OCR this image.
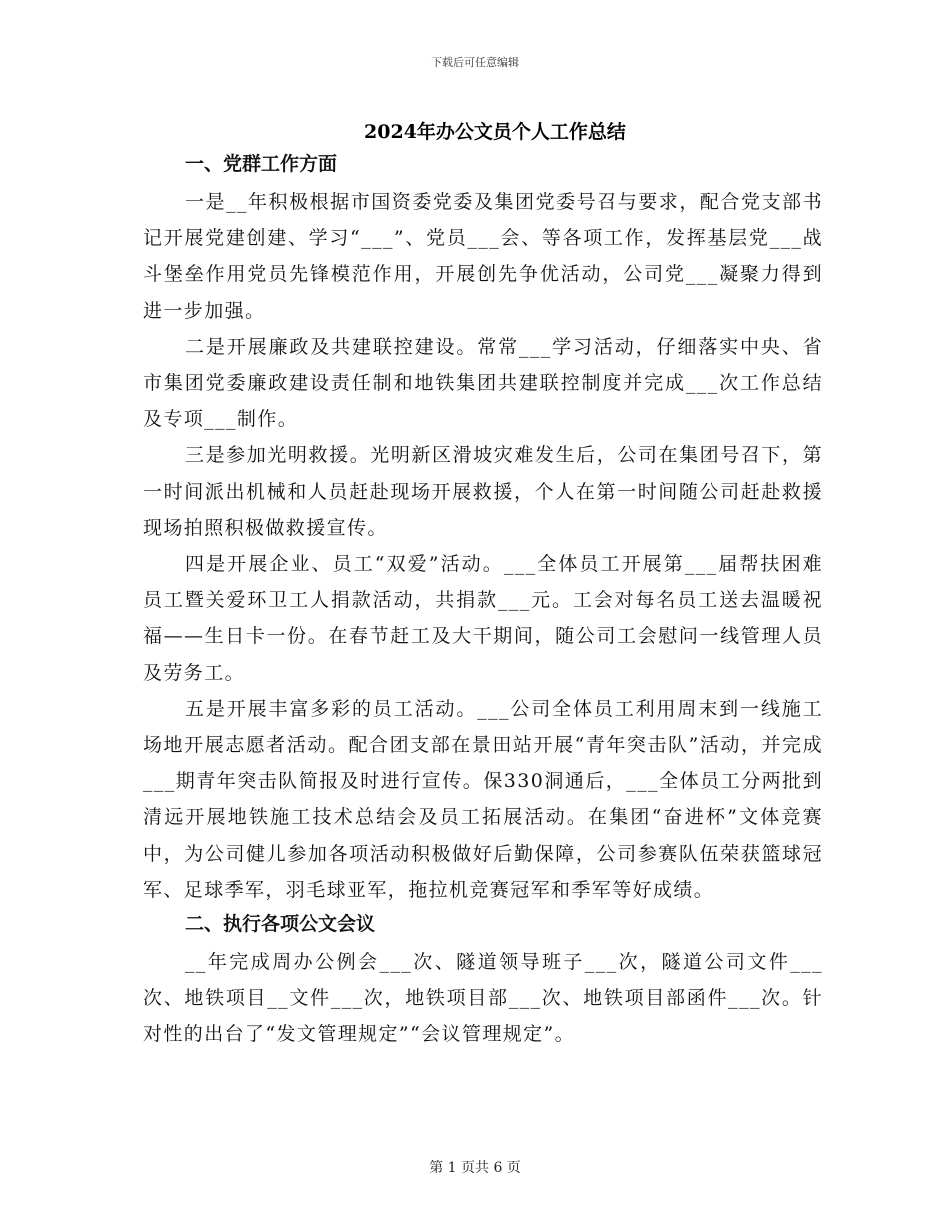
下载后可任意编辑
2024年办公文员个人工作总结
一、党群工作方面

一是__年积极根据市国资委党委及集团党委号召与要求，配合党支部书记开展党建创建、学习“___”、党员___会、等各项工作，发挥基层党___战斗堡垒作用党员先锋模范作用，开展创先争优活动，公司党___凝聚力得到进一步加强。

二是开展廉政及共建联控建设。常常___学习活动，仔细落实中央、省市集团党委廉政建设责任制和地铁集团共建联控制度并完成___次工作总结及专项___制作。

三是参加光明救援。光明新区滑坡灾难发生后，公司在集团号召下，第一时间派出机械和人员赶赴现场开展救援，个人在第一时间随公司赶赴救援现场拍照积极做救援宣传。

四是开展企业、员工“双爱”活动。___全体员工开展第___届帮扶困难员工暨关爱环卫工人捐款活动，共捐款___元。工会对每名员工送去温暖祝福——生日卡一份。在春节赶工及大干期间，随公司工会慰问一线管理人员及劳务工。

五是开展丰富多彩的员工活动。___公司全体员工利用周末到一线施工场地开展志愿者活动。配合团支部在景田站开展“青年突击队”活动，并完成___期青年突击队简报及时进行宣传。保330洞通后，___全体员工分两批到清远开展地铁施工技术总结会及员工拓展活动。在集团“奋进杯”文体竞赛中，为公司健儿参加各项活动积极做好后勤保障，公司参赛队伍荣获篮球冠军、足球季军，羽毛球亚军，拖拉机竞赛冠军和季军等好成绩。

二、执行各项公文会议

__年完成周办公例会___次、隧道领导班子___次，隧道公司文件___次、地铁项目__文件___次，地铁项目部___次、地铁项目部函件___次。针对性的出台了“发文管理规定”“会议管理规定”。

第 1 页共 6 页
